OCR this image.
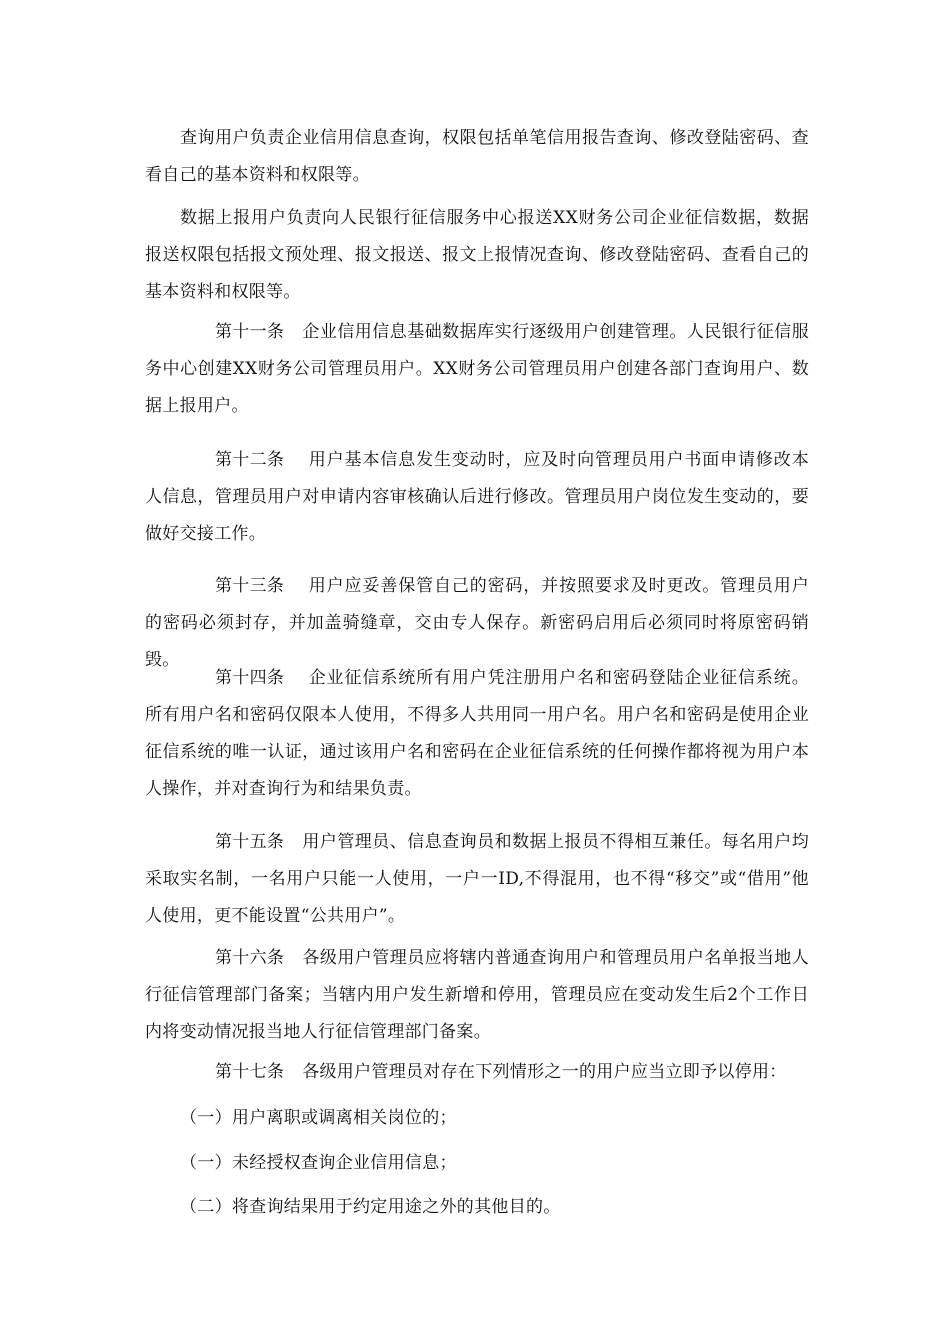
查询用户负责企业信用信息查询，权限包括单笔信用报告查询、修改登陆密码、查看自己的基本资料和权限等。

数据上报用户负责向人民银行征信服务中心报送XX财务公司企业征信数据，数据报送权限包括报文预处理、报文报送、报文上报情况查询、修改登陆密码、查看自己的基本资料和权限等。

第十一条 企业信用信息基础数据库实行逐级用户创建管理。人民银行征信服务中心创建XX财务公司管理员用户。XX财务公司管理员用户创建各部门查询用户、数据上报用户。

第十二条 用户基本信息发生变动时，应及时向管理员用户书面申请修改本人信息，管理员用户对申请内容审核确认后进行修改。管理员用户岗位发生变动的，要做好交接工作。

第十三条 用户应妥善保管自己的密码，并按照要求及时更改。管理员用户的密码必须封存，并加盖骑缝章，交由专人保存。新密码启用后必须同时将原密码销毁。

第十四条 企业征信系统所有用户凭注册用户名和密码登陆企业征信系统。所有用户名和密码仅限本人使用，不得多人共用同一用户名。用户名和密码是使用企业征信系统的唯一认证，通过该用户名和密码在企业征信系统的任何操作都将视为用户本人操作，并对查询行为和结果负责。

第十五条 用户管理员、信息查询员和数据上报员不得相互兼任。每名用户均采取实名制，一名用户只能一人使用，一户一ID,不得混用，也不得“移交”或“借用”他人使用，更不能设置“公共用户”。

第十六条 各级用户管理员应将辖内普通查询用户和管理员用户名单报当地人行征信管理部门备案；当辖内用户发生新增和停用，管理员应在变动发生后2个工作日内将变动情况报当地人行征信管理部门备案。

第十七条 各级用户管理员对存在下列情形之一的用户应当立即予以停用：

（一）用户离职或调离相关岗位的；

（一）未经授权查询企业信用信息；

（二）将查询结果用于约定用途之外的其他目的。
